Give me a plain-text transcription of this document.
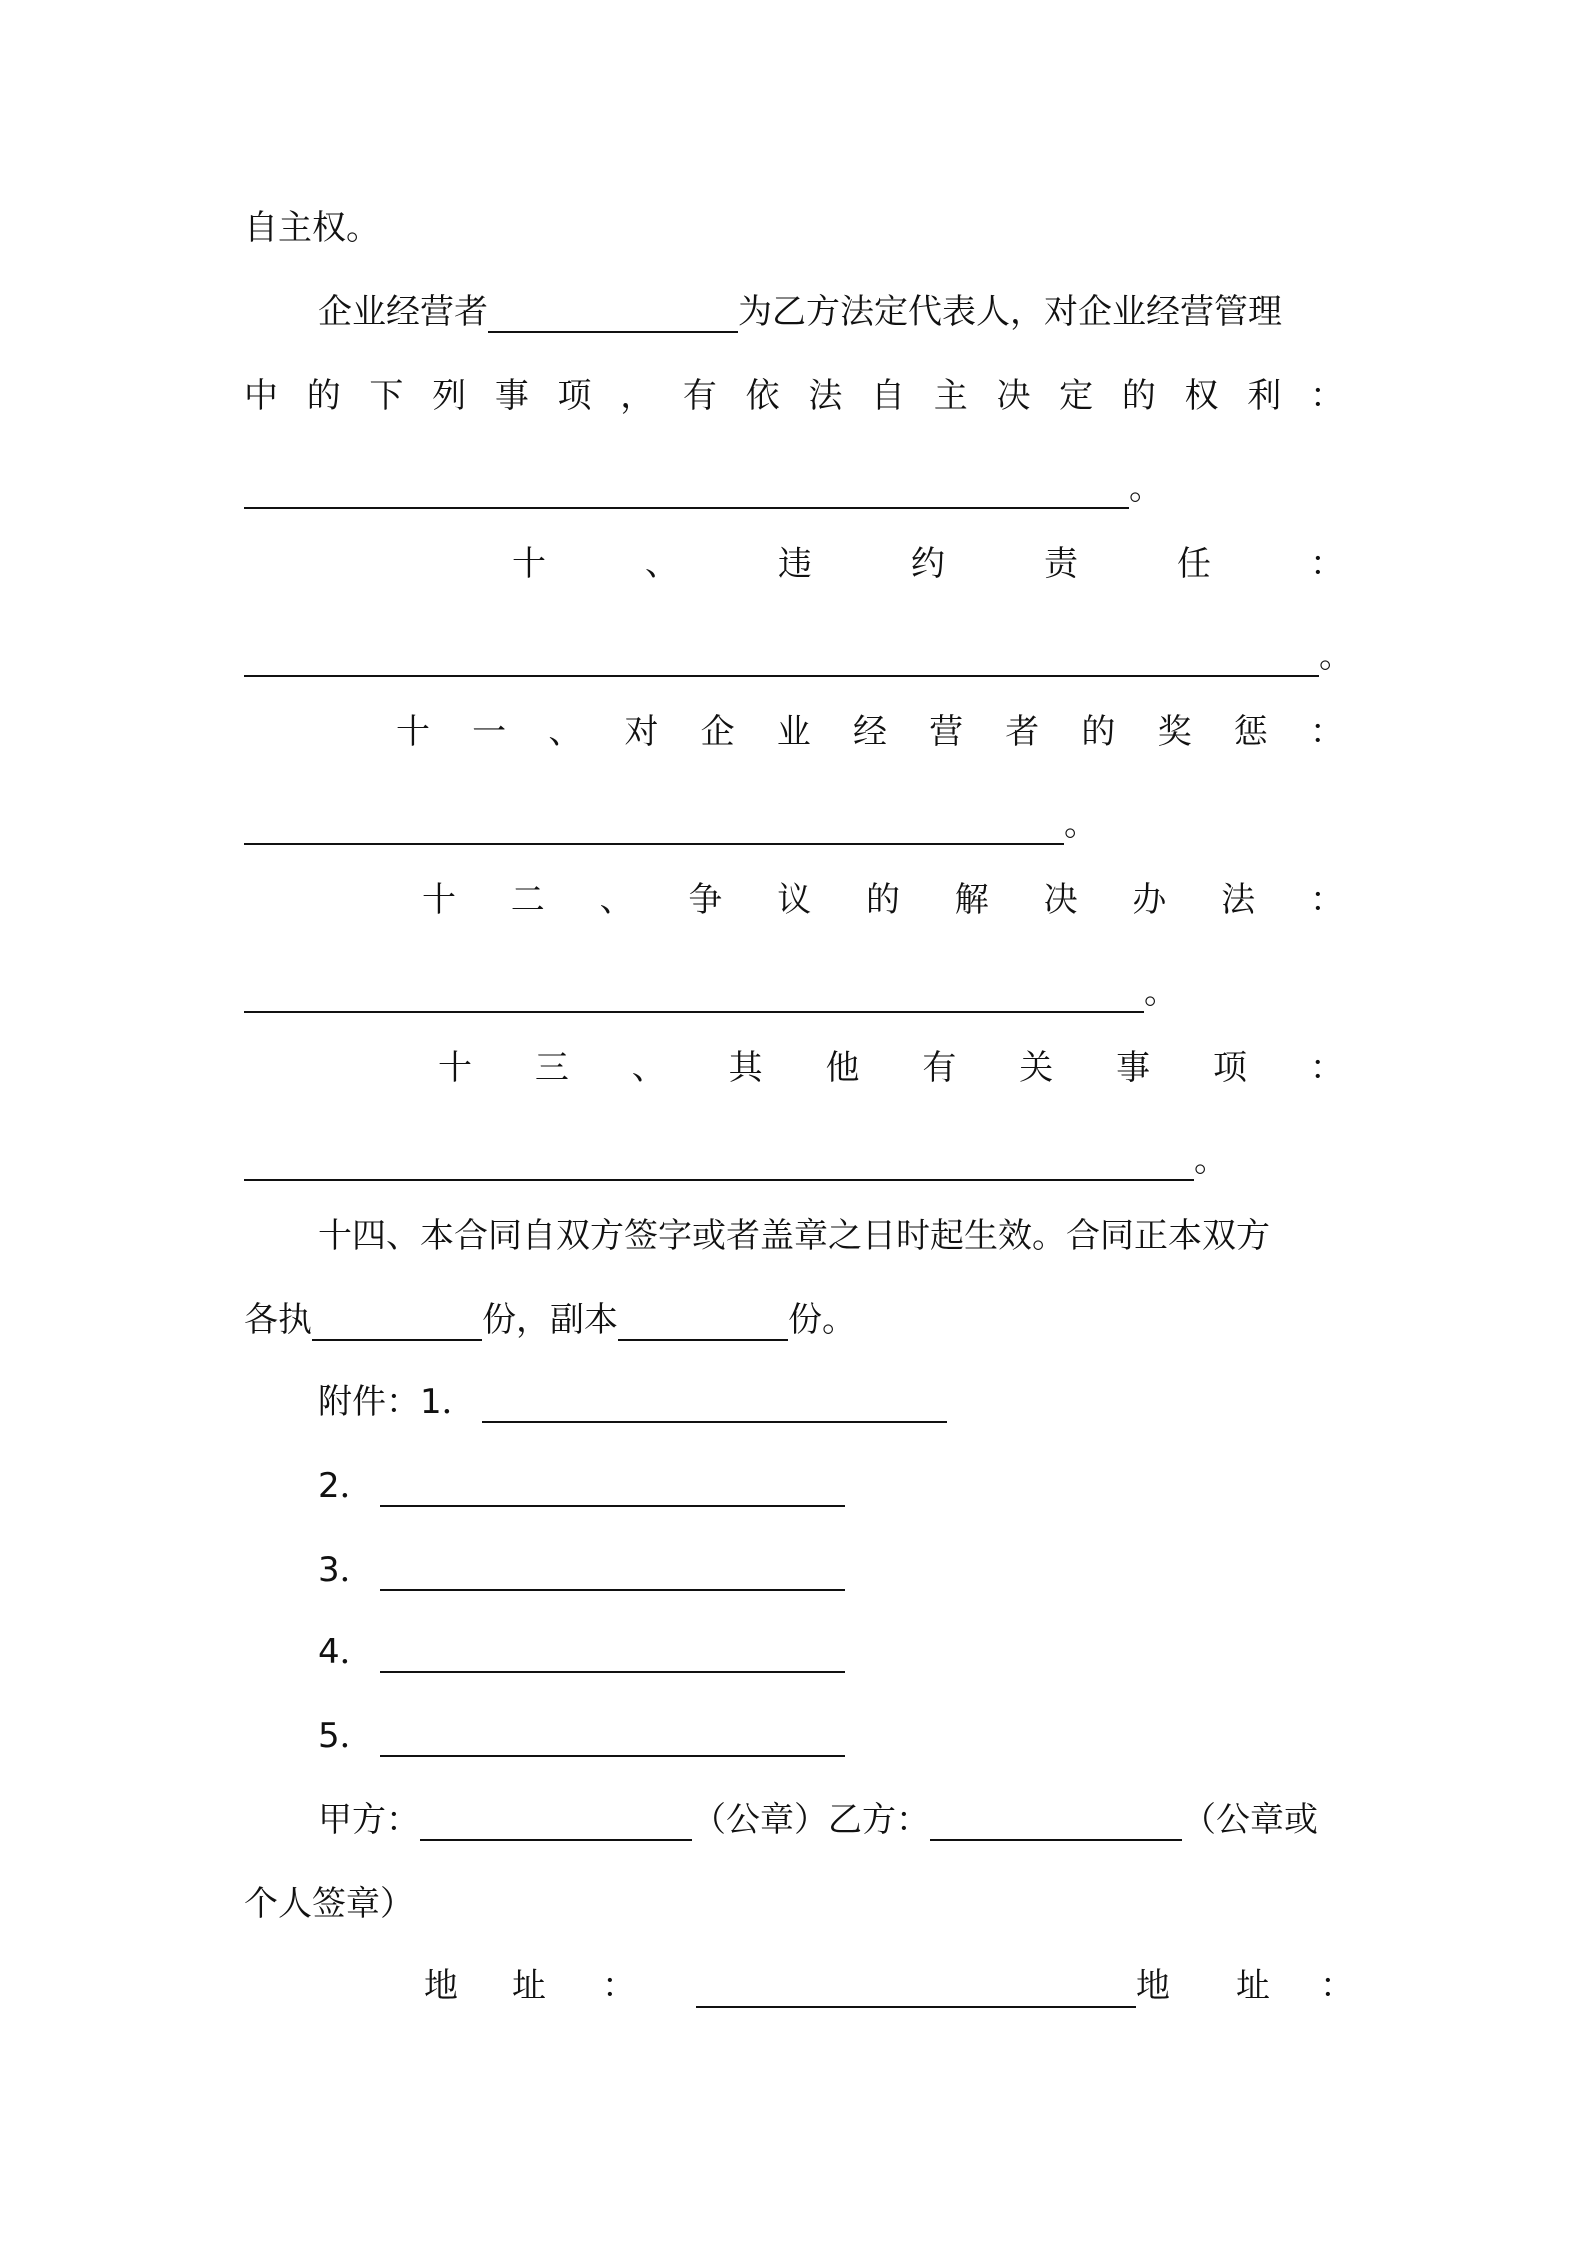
自主权。
企业经营者	为乙方法定代表人，对企业经营管理
中 的 下 列 事 项 ， 有 依 法 自 主 决 定 的 权 利 ：
。
十	、	违	约	责	任	：
。
十 一 、 对 企 业 经 营 者 的 奖 惩 ：
。
十 二 、 争 议 的 解 决 办 法 ：
。
十 三 、 其 他 有 关 事 项 ：
。
十四、本合同自双方签字或者盖章之日时起生效。合同正本双方
各执	份，副本	份。
附件：1．
2．
3．
4．
5．
甲方：	（公章）乙方：	（公章或
个人签章）
地 址 ：	地 址 ：
